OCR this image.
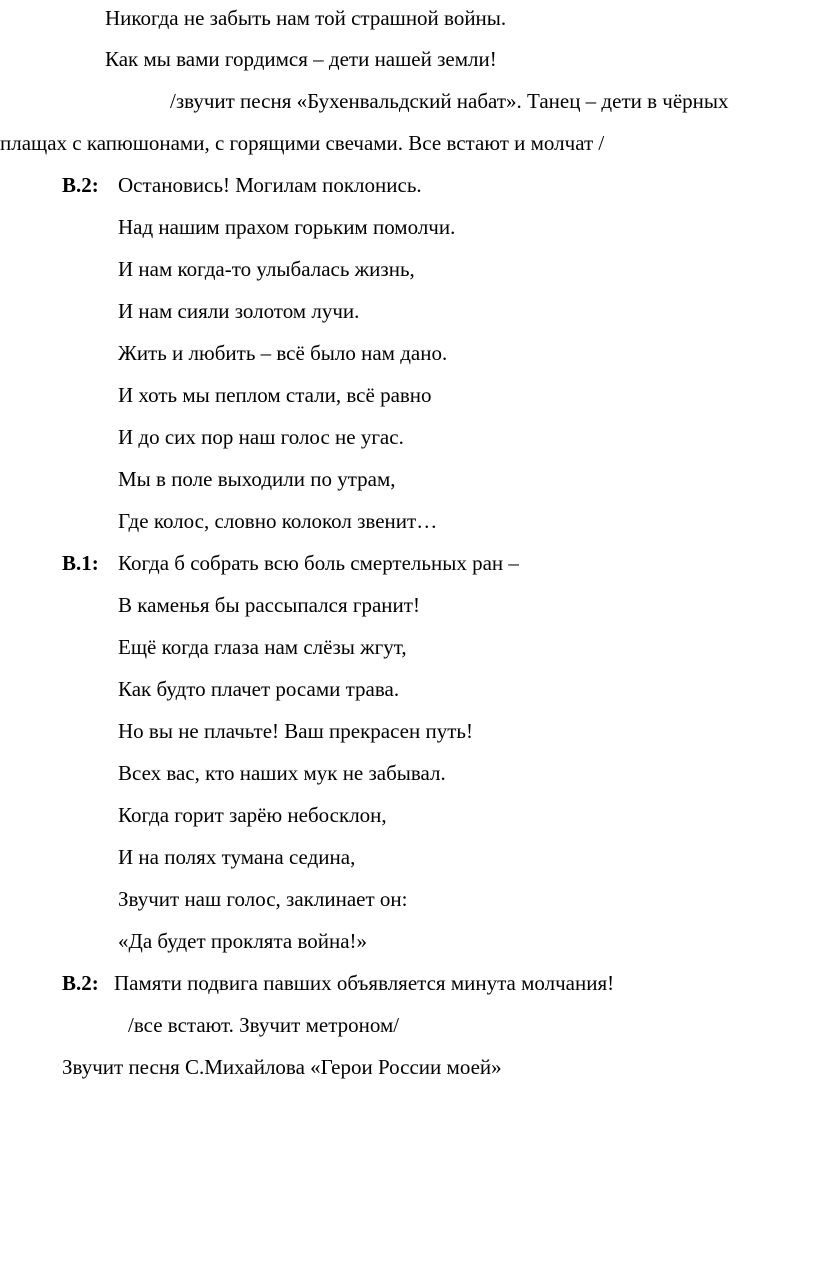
Никогда не забыть нам той страшной войны.
Как мы вами гордимся – дети нашей земли!
/звучит песня «Бухенвальдский набат». Танец – дети в чёрных
плащах с капюшонами, с горящими свечами. Все встают и молчат /
В.2: Остановись! Могилам поклонись.
Над нашим прахом горьким помолчи.
И нам когда-то улыбалась жизнь,
И нам сияли золотом лучи.
Жить и любить – всё было нам дано.
И хоть мы пеплом стали, всё равно
И до сих пор наш голос не угас.
Мы в поле выходили по утрам,
Где колос, словно колокол звенит…
В.1: Когда б собрать всю боль смертельных ран –
В каменья бы рассыпался гранит!
Ещё когда глаза нам слёзы жгут,
Как будто плачет росами трава.
Но вы не плачьте! Ваш прекрасен путь!
Всех вас, кто наших мук не забывал.
Когда горит зарёю небосклон,
И на полях тумана седина,
Звучит наш голос, заклинает он:
«Да будет проклята война!»
В.2: Памяти подвига павших объявляется минута молчания!
/все встают. Звучит метроном/
Звучит песня С.Михайлова «Герои России моей»
